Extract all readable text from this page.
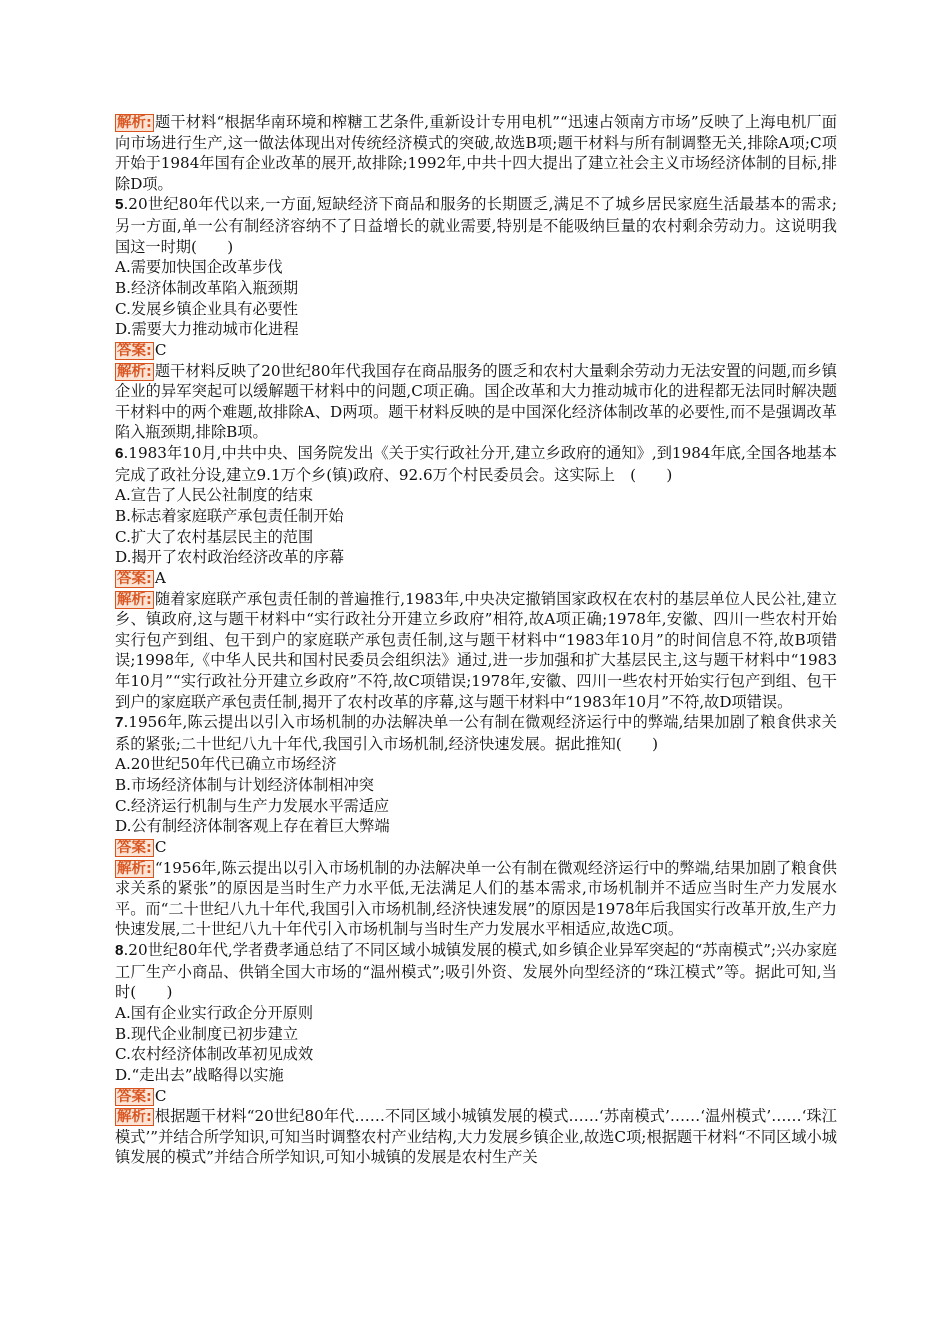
解析: 题干材料“根据华南环境和榨糖工艺条件,重新设计专用电机”“迅速占领南方市场”反映了上海电机厂面向市场进行生产,这一做法体现出对传统经济模式的突破,故选B项;题干材料与所有制调整无关,排除A项;C项开始于1984年国有企业改革的展开,故排除;1992年,中共十四大提出了建立社会主义市场经济体制的目标,排除D项。

5.20世纪80年代以来,一方面,短缺经济下商品和服务的长期匮乏,满足不了城乡居民家庭生活最基本的需求;另一方面,单一公有制经济容纳不了日益增长的就业需要,特别是不能吸纳巨量的农村剩余劳动力。这说明我国这一时期(　　)

A.需要加快国企改革步伐

B.经济体制改革陷入瓶颈期

C.发展乡镇企业具有必要性

D.需要大力推动城市化进程

答案: C

解析: 题干材料反映了20世纪80年代我国存在商品服务的匮乏和农村大量剩余劳动力无法安置的问题,而乡镇企业的异军突起可以缓解题干材料中的问题,C项正确。国企改革和大力推动城市化的进程都无法同时解决题干材料中的两个难题,故排除A、D两项。题干材料反映的是中国深化经济体制改革的必要性,而不是强调改革陷入瓶颈期,排除B项。

6.1983年10月,中共中央、国务院发出《关于实行政社分开,建立乡政府的通知》,到1984年底,全国各地基本完成了政社分设,建立9.1万个乡(镇)政府、92.6万个村民委员会。这实际上　(　　)

A.宣告了人民公社制度的结束

B.标志着家庭联产承包责任制开始

C.扩大了农村基层民主的范围

D.揭开了农村政治经济改革的序幕

答案: A

解析: 随着家庭联产承包责任制的普遍推行,1983年,中央决定撤销国家政权在农村的基层单位人民公社,建立乡、镇政府,这与题干材料中“实行政社分开建立乡政府”相符,故A项正确;1978年,安徽、四川一些农村开始实行包产到组、包干到户的家庭联产承包责任制,这与题干材料中“1983年10月”的时间信息不符,故B项错误;1998年,《中华人民共和国村民委员会组织法》通过,进一步加强和扩大基层民主,这与题干材料中“1983年10月”“实行政社分开建立乡政府”不符,故C项错误;1978年,安徽、四川一些农村开始实行包产到组、包干到户的家庭联产承包责任制,揭开了农村改革的序幕,这与题干材料中“1983年10月”不符,故D项错误。

7.1956年,陈云提出以引入市场机制的办法解决单一公有制在微观经济运行中的弊端,结果加剧了粮食供求关系的紧张;二十世纪八九十年代,我国引入市场机制,经济快速发展。据此推知(　　)

A.20世纪50年代已确立市场经济

B.市场经济体制与计划经济体制相冲突

C.经济运行机制与生产力发展水平需适应

D.公有制经济体制客观上存在着巨大弊端

答案: C

解析: “1956年,陈云提出以引入市场机制的办法解决单一公有制在微观经济运行中的弊端,结果加剧了粮食供求关系的紧张”的原因是当时生产力水平低,无法满足人们的基本需求,市场机制并不适应当时生产力发展水平。而“二十世纪八九十年代,我国引入市场机制,经济快速发展”的原因是1978年后我国实行改革开放,生产力快速发展,二十世纪八九十年代引入市场机制与当时生产力发展水平相适应,故选C项。

8.20世纪80年代,学者费孝通总结了不同区域小城镇发展的模式,如乡镇企业异军突起的“苏南模式”;兴办家庭工厂生产小商品、供销全国大市场的“温州模式”;吸引外资、发展外向型经济的“珠江模式”等。据此可知,当时(　　)

A.国有企业实行政企分开原则

B.现代企业制度已初步建立

C.农村经济体制改革初见成效

D.“走出去”战略得以实施

答案: C

解析: 根据题干材料“20世纪80年代……不同区域小城镇发展的模式……‘苏南模式’……‘温州模式’……‘珠江模式’”并结合所学知识,可知当时调整农村产业结构,大力发展乡镇企业,故选C项;根据题干材料“不同区域小城镇发展的模式”并结合所学知识,可知小城镇的发展是农村生产关
